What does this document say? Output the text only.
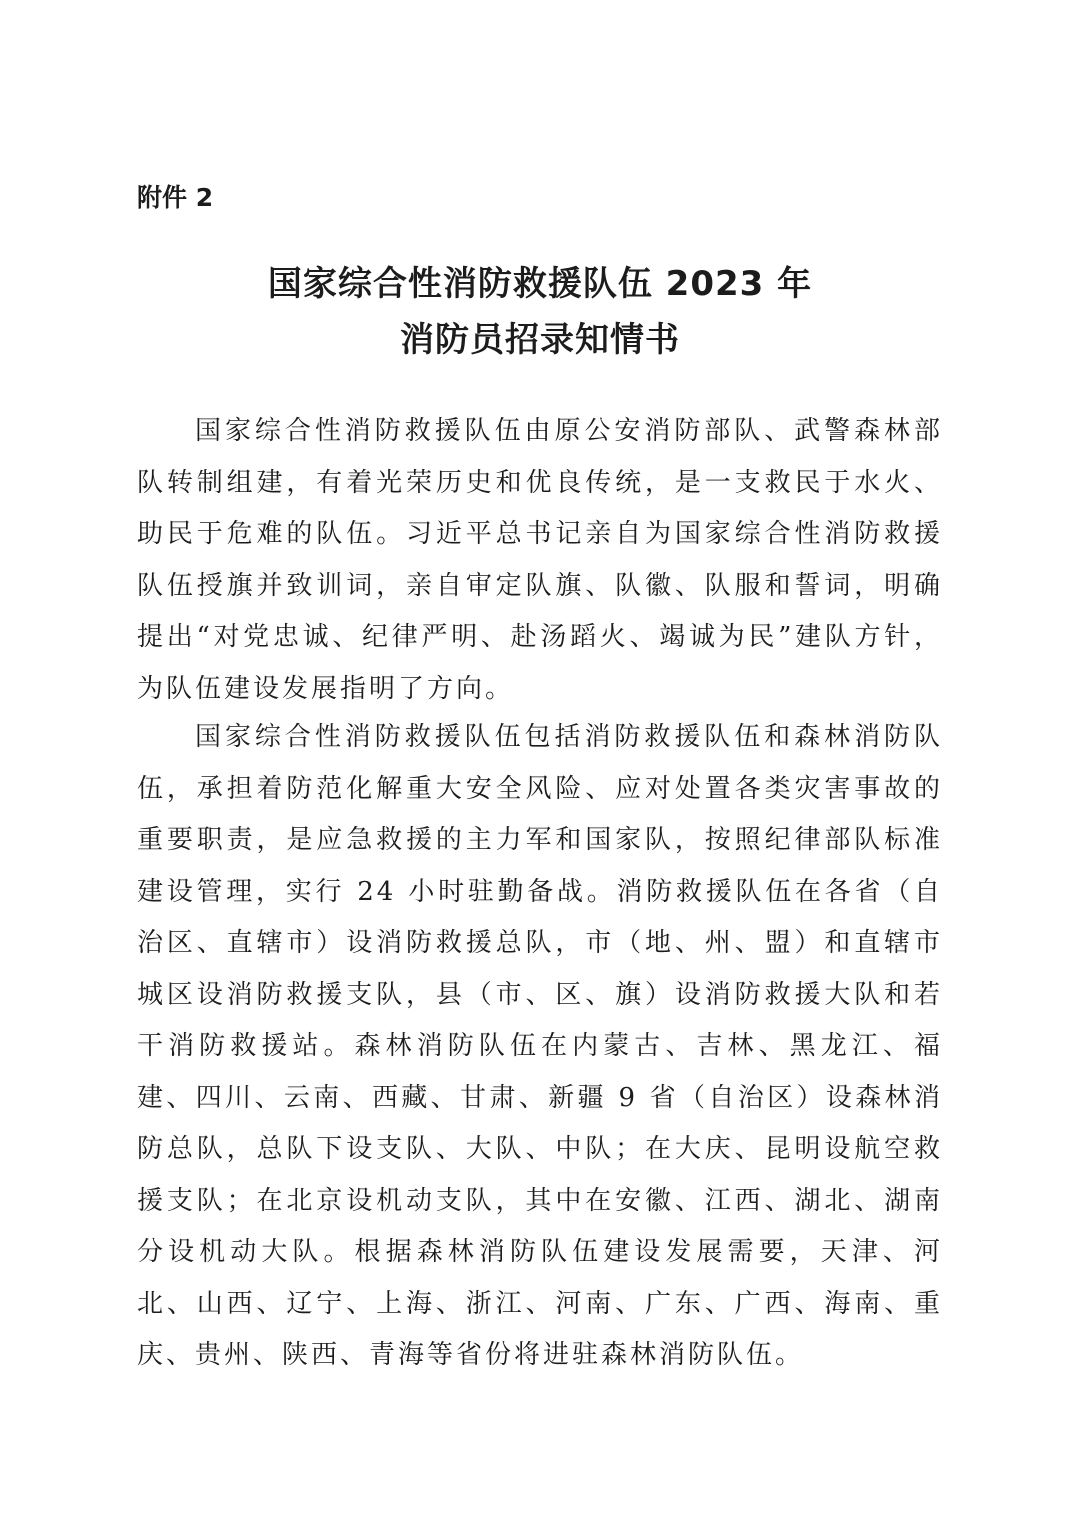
附件 2
国家综合性消防救援队伍 2023 年
消防员招录知情书

国家综合性消防救援队伍由原公安消防部队、武警森林部队转制组建，有着光荣历史和优良传统，是一支救民于水火、助民于危难的队伍。习近平总书记亲自为国家综合性消防救援队伍授旗并致训词，亲自审定队旗、队徽、队服和誓词，明确提出“对党忠诚、纪律严明、赴汤蹈火、竭诚为民”建队方针，为队伍建设发展指明了方向。

国家综合性消防救援队伍包括消防救援队伍和森林消防队伍，承担着防范化解重大安全风险、应对处置各类灾害事故的重要职责，是应急救援的主力军和国家队，按照纪律部队标准建设管理，实行 24 小时驻勤备战。消防救援队伍在各省（自治区、直辖市）设消防救援总队，市（地、州、盟）和直辖市城区设消防救援支队，县（市、区、旗）设消防救援大队和若干消防救援站。森林消防队伍在内蒙古、吉林、黑龙江、福建、四川、云南、西藏、甘肃、新疆 9 省（自治区）设森林消防总队，总队下设支队、大队、中队；在大庆、昆明设航空救援支队；在北京设机动支队，其中在安徽、江西、湖北、湖南分设机动大队。根据森林消防队伍建设发展需要，天津、河北、山西、辽宁、上海、浙江、河南、广东、广西、海南、重庆、贵州、陕西、青海等省份将进驻森林消防队伍。
